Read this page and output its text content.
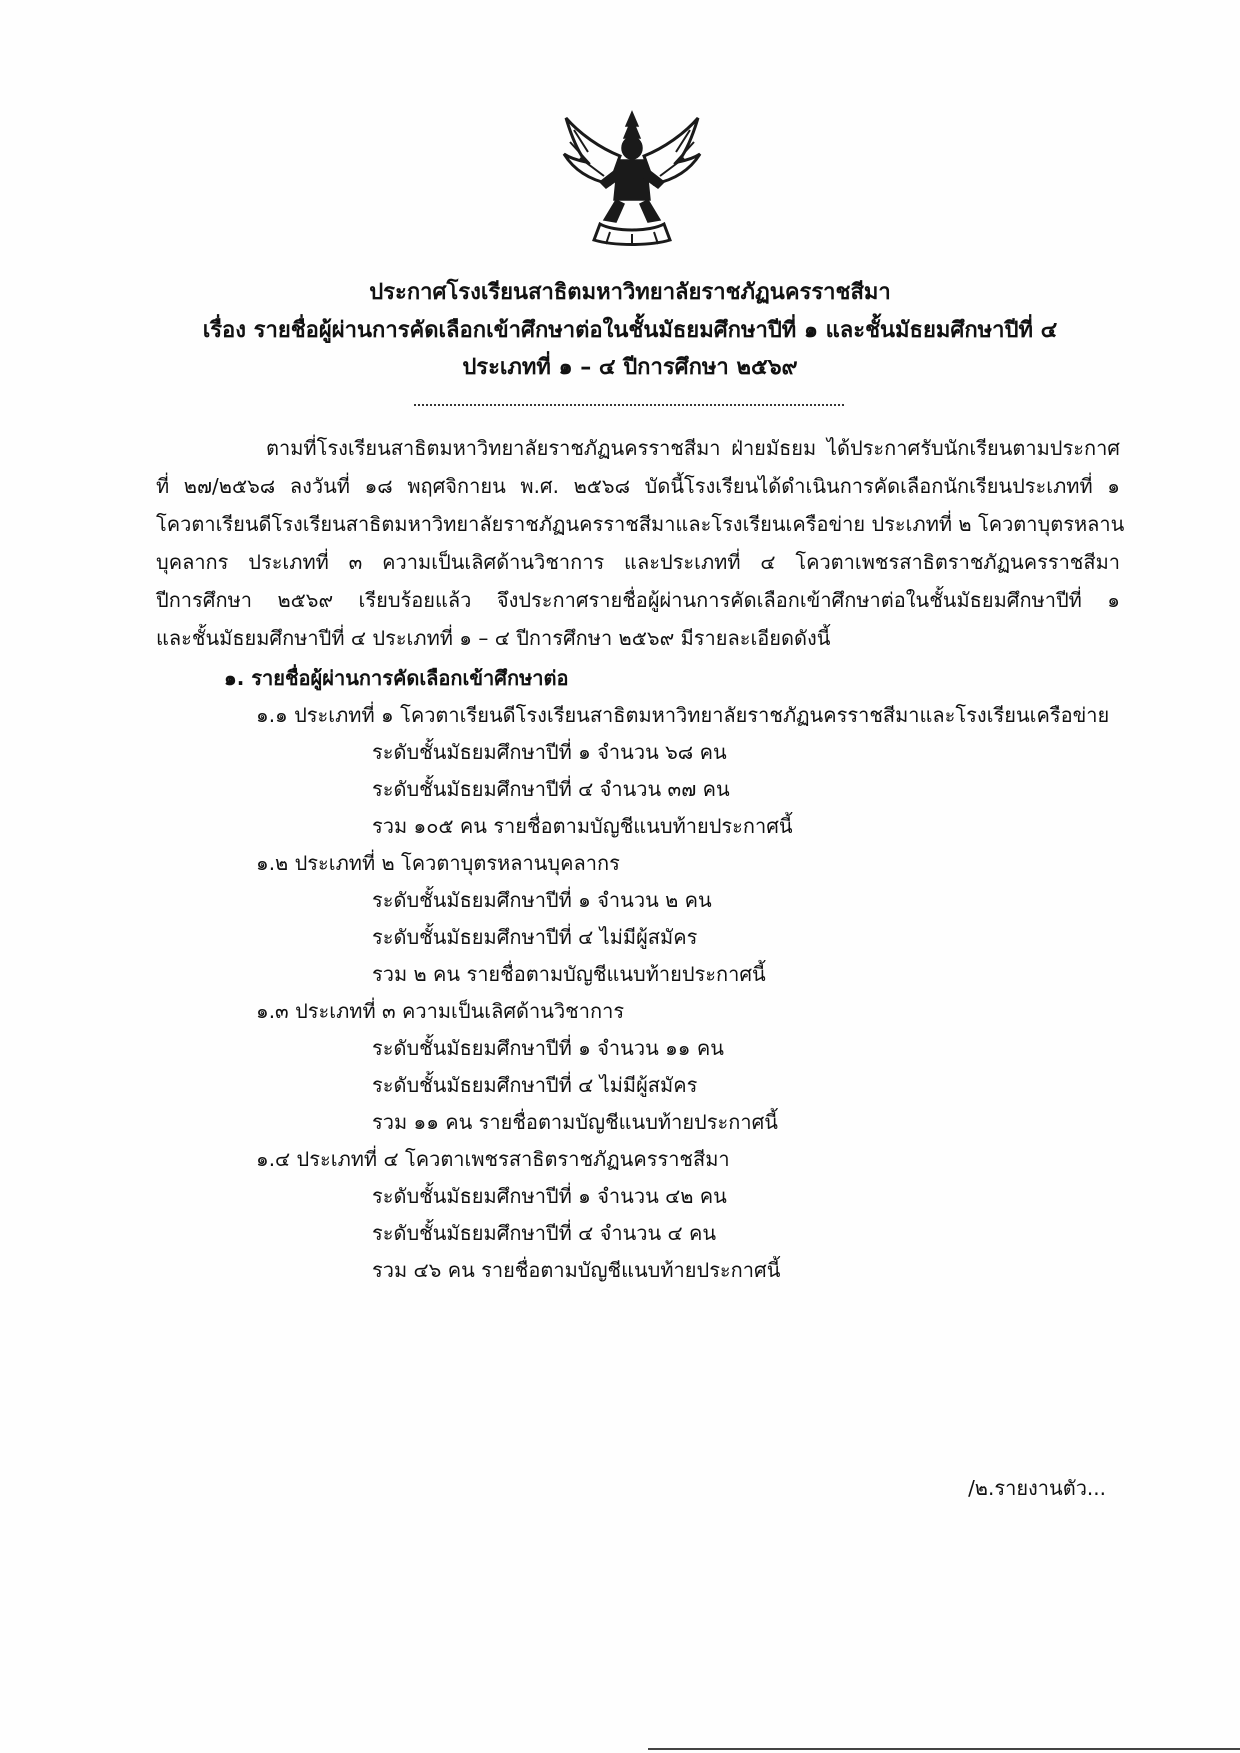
ประกาศโรงเรียนสาธิตมหาวิทยาลัยราชภัฏนครราชสีมา
เรื่อง รายชื่อผู้ผ่านการคัดเลือกเข้าศึกษาต่อในชั้นมัธยมศึกษาปีที่ ๑ และชั้นมัธยมศึกษาปีที่ ๔
ประเภทที่ ๑ – ๔ ปีการศึกษา ๒๕๖๙
ตามที่โรงเรียนสาธิตมหาวิทยาลัยราชภัฏนครราชสีมา ฝ่ายมัธยม ได้ประกาศรับนักเรียนตามประกาศ
ที่ ๒๗/๒๕๖๘ ลงวันที่ ๑๘ พฤศจิกายน พ.ศ. ๒๕๖๘ บัดนี้โรงเรียนได้ดำเนินการคัดเลือกนักเรียนประเภทที่ ๑
โควตาเรียนดีโรงเรียนสาธิตมหาวิทยาลัยราชภัฏนครราชสีมาและโรงเรียนเครือข่าย ประเภทที่ ๒ โควตาบุตรหลาน
บุคลากร ประเภทที่ ๓ ความเป็นเลิศด้านวิชาการ และประเภทที่ ๔ โควตาเพชรสาธิตราชภัฏนครราชสีมา
ปีการศึกษา ๒๕๖๙ เรียบร้อยแล้ว จึงประกาศรายชื่อผู้ผ่านการคัดเลือกเข้าศึกษาต่อในชั้นมัธยมศึกษาปีที่ ๑
และชั้นมัธยมศึกษาปีที่ ๔ ประเภทที่ ๑ – ๔ ปีการศึกษา ๒๕๖๙ มีรายละเอียดดังนี้
๑. รายชื่อผู้ผ่านการคัดเลือกเข้าศึกษาต่อ
๑.๑ ประเภทที่ ๑ โควตาเรียนดีโรงเรียนสาธิตมหาวิทยาลัยราชภัฏนครราชสีมาและโรงเรียนเครือข่าย
ระดับชั้นมัธยมศึกษาปีที่ ๑ จำนวน ๖๘ คน
ระดับชั้นมัธยมศึกษาปีที่ ๔ จำนวน ๓๗ คน
รวม ๑๐๕ คน รายชื่อตามบัญชีแนบท้ายประกาศนี้
๑.๒ ประเภทที่ ๒ โควตาบุตรหลานบุคลากร
ระดับชั้นมัธยมศึกษาปีที่ ๑ จำนวน ๒ คน
ระดับชั้นมัธยมศึกษาปีที่ ๔ ไม่มีผู้สมัคร
รวม ๒ คน รายชื่อตามบัญชีแนบท้ายประกาศนี้
๑.๓ ประเภทที่ ๓ ความเป็นเลิศด้านวิชาการ
ระดับชั้นมัธยมศึกษาปีที่ ๑ จำนวน ๑๑ คน
ระดับชั้นมัธยมศึกษาปีที่ ๔ ไม่มีผู้สมัคร
รวม ๑๑ คน รายชื่อตามบัญชีแนบท้ายประกาศนี้
๑.๔ ประเภทที่ ๔ โควตาเพชรสาธิตราชภัฏนครราชสีมา
ระดับชั้นมัธยมศึกษาปีที่ ๑ จำนวน ๔๒ คน
ระดับชั้นมัธยมศึกษาปีที่ ๔ จำนวน ๔ คน
รวม ๔๖ คน รายชื่อตามบัญชีแนบท้ายประกาศนี้
/๒.รายงานตัว...
